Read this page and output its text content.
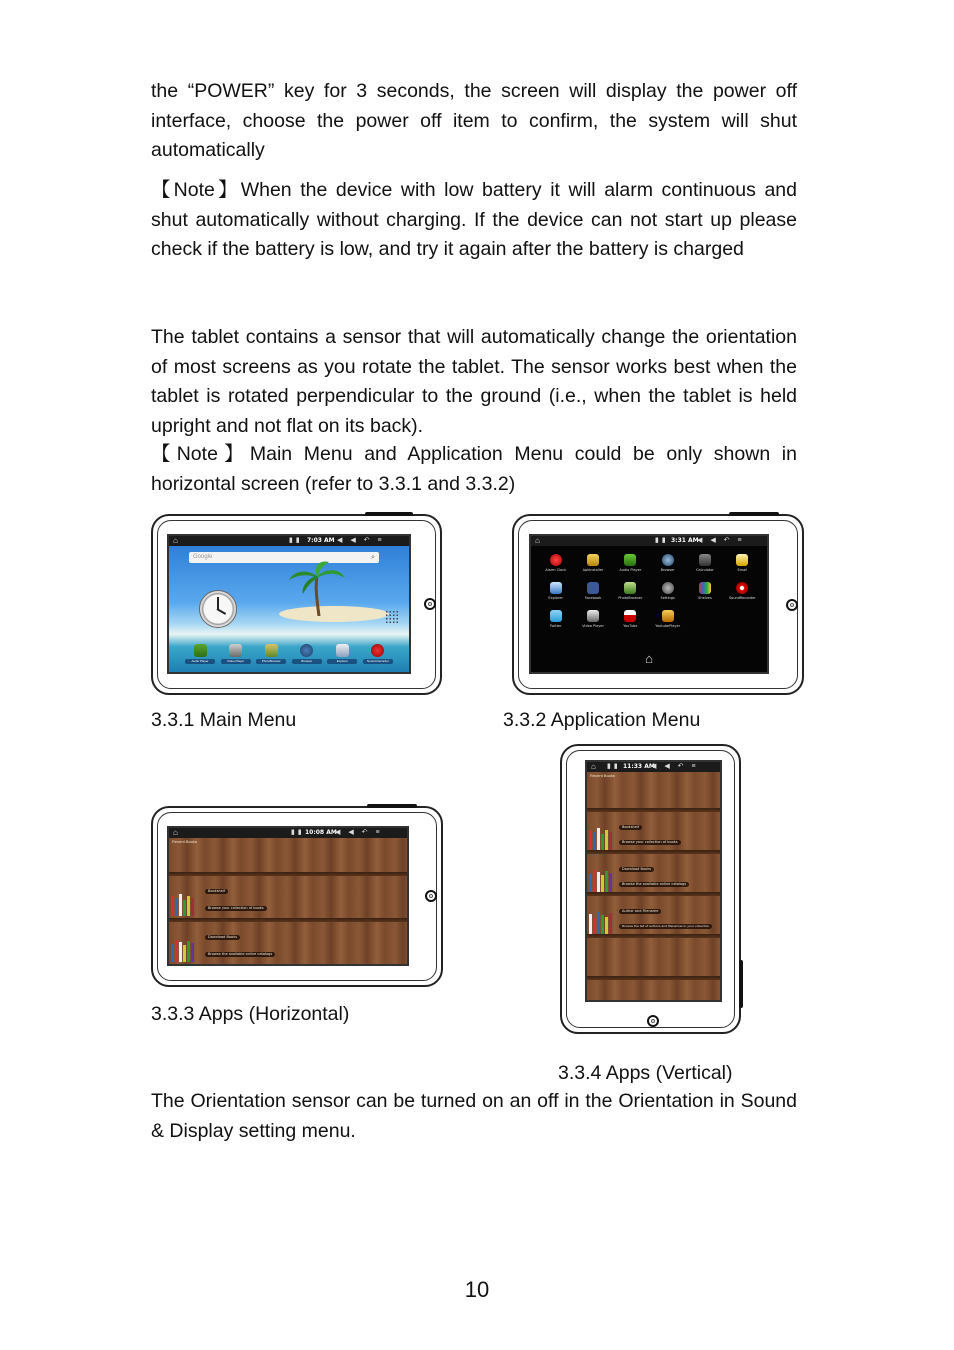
the “POWER” key for 3 seconds, the screen will display the power off interface, choose the power off item to confirm, the system will shut automatically

【Note】When the device with low battery it will alarm continuous and shut automatically without charging. If the device can not start up please check if the battery is low, and try it again after the battery is charged

The tablet contains a sensor that will automatically change the orientation of most screens as you rotate the tablet. The sensor works best when the tablet is rotated perpendicular to the ground (i.e., when the tablet is held upright and not flat on its back).

【Note】Main Menu and Application Menu could be only shown in horizontal screen (refer to 3.3.1 and 3.3.2)

⌂	▮▮ 7:03 AM ◀ ◀ ↶ ≡
Google	⌕
Audio Player	Video Player	PhotoBrowser	Browser	Explorer	Sound Recorder
⌂	▮▮ 3:31 AM
◀ ◀ ↶ ≡
Alarm Clock	ApkInstaller	Audio Player	Browser	Calculator	Email
Explorer	Facebook	PhotoBrowser	Settings	Shelves	SoundRecorder
Twitter	Video Player	YouTube	YoutubePlayer
⌂
3.3.1 Main Menu	3.3.2 Application Menu
⌂	▮▮ 10:08 AM
◀ ◀ ↶ ≡
Recent Books
Bookshelf
Browse your collection of books
Download Books
Browse the available online catalogs
⌂ ▮▮ 11:33 AM
◀ ◀ ↶ ≡
Recent Books
Bookshelf
Browse your collection of books
Download Books
Browse the available online catalogs
Author and Filename
Browse the list of authors and filenames in your collection
3.3.3 Apps (Horizontal)
3.3.4 Apps (Vertical)

The Orientation sensor can be turned on an off in the Orientation in Sound & Display setting menu.

10
